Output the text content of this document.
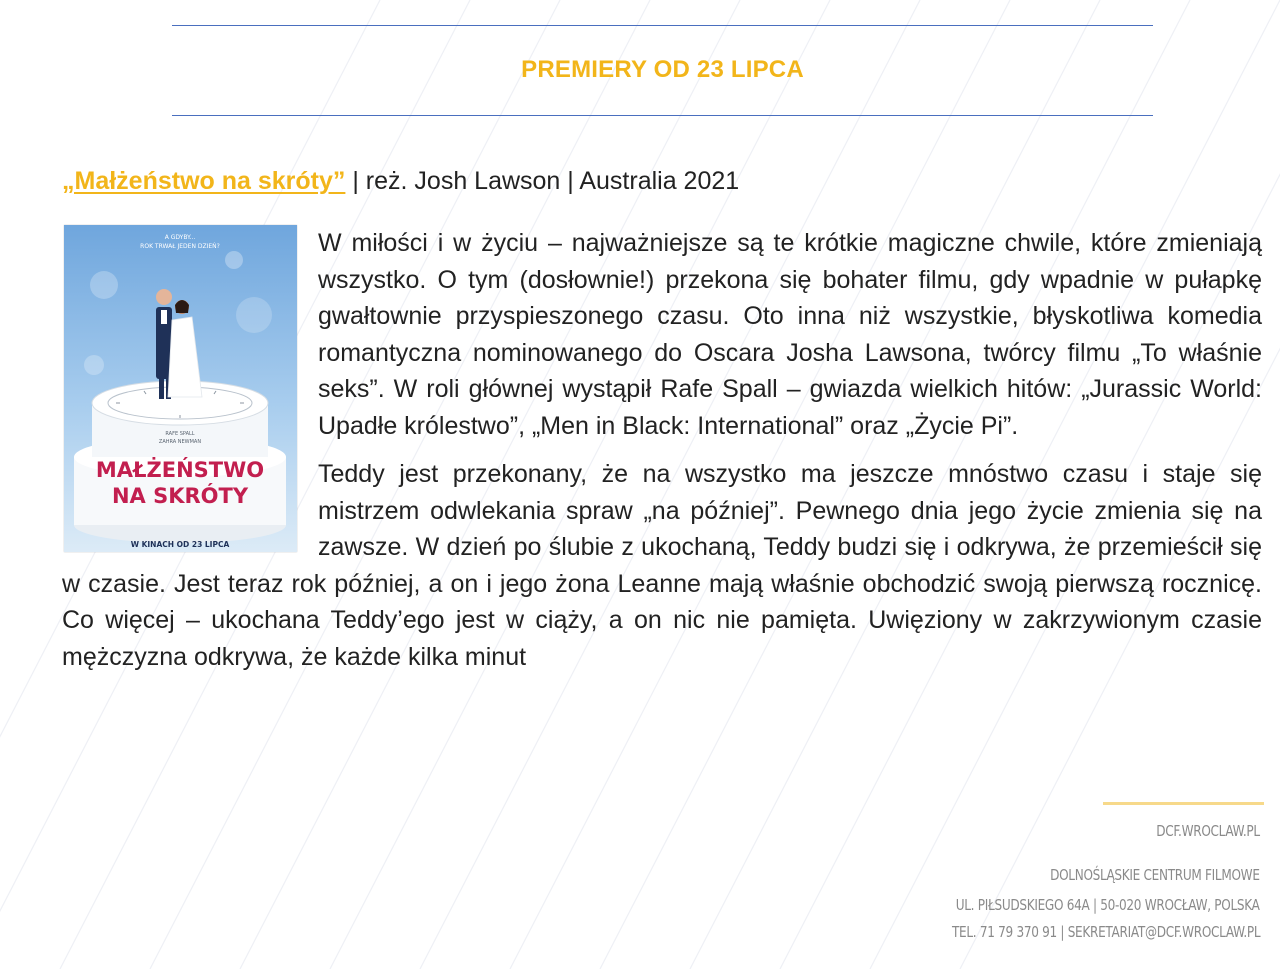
PREMIERY OD 23 LIPCA
„Małżeństwo na skróty” | reż. Josh Lawson | Australia 2021
A GDYBY...
ROK TRWAŁ JEDEN DZIEŃ?
RAFE SPALL
ZAHRA NEWMAN
MAŁŻEŃSTWO
NA SKRÓTY
W KINACH OD 23 LIPCA

W miłości i w życiu – najważniejsze są te krótkie magiczne chwile, które zmieniają wszystko. O tym (dosłownie!) przekona się bohater filmu, gdy wpadnie w pułapkę gwałtownie przyspieszonego czasu. Oto inna niż wszystkie, błyskotliwa komedia romantyczna nominowanego do Oscara Josha Lawsona, twórcy filmu „To właśnie seks”. W roli głównej wystąpił Rafe Spall – gwiazda wielkich hitów: „Jurassic World: Upadłe królestwo”, „Men in Black: International” oraz „Życie Pi”.

Teddy jest przekonany, że na wszystko ma jeszcze mnóstwo czasu i staje się mistrzem odwlekania spraw „na później”. Pewnego dnia jego życie zmienia się na zawsze. W dzień po ślubie z ukochaną, Teddy budzi się i odkrywa, że przemieścił się w czasie. Jest teraz rok później, a on i jego żona Leanne mają właśnie obchodzić swoją pierwszą rocznicę. Co więcej – ukochana Teddy’ego jest w ciąży, a on nic nie pamięta. Uwięziony w zakrzywionym czasie mężczyzna odkrywa, że każde kilka minut

DCF.WROCLAW.PL
DOLNOŚLĄSKIE CENTRUM FILMOWE
UL. PIŁSUDSKIEGO 64A | 50-020 WROCŁAW, POLSKA
TEL. 71 79 370 91 | SEKRETARIAT@DCF.WROCLAW.PL
